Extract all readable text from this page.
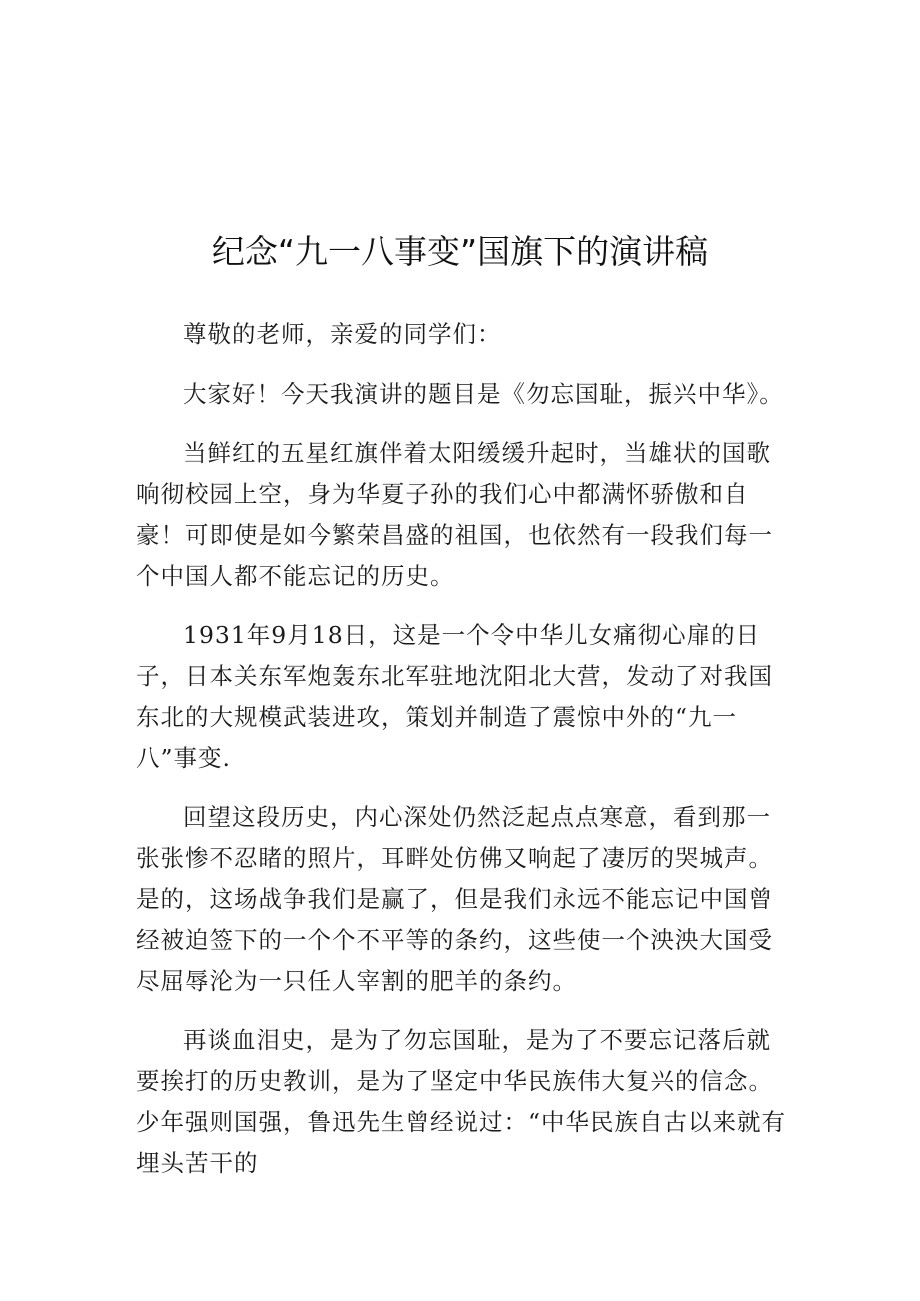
纪念“九一八事变”国旗下的演讲稿

尊敬的老师，亲爱的同学们：

大家好！今天我演讲的题目是《勿忘国耻，振兴中华》。

当鲜红的五星红旗伴着太阳缓缓升起时，当雄状的国歌响彻校园上空，身为华夏子孙的我们心中都满怀骄傲和自豪！可即使是如今繁荣昌盛的祖国，也依然有一段我们每一个中国人都不能忘记的历史。

1931年9月18日，这是一个令中华儿女痛彻心扉的日子，日本关东军炮轰东北军驻地沈阳北大营，发动了对我国东北的大规模武装进攻，策划并制造了震惊中外的“九一八”事变.

回望这段历史，内心深处仍然泛起点点寒意，看到那一张张惨不忍睹的照片，耳畔处仿佛又响起了凄厉的哭城声。是的，这场战争我们是赢了，但是我们永远不能忘记中国曾经被迫签下的一个个不平等的条约，这些使一个泱泱大国受尽屈辱沦为一只任人宰割的肥羊的条约。

再谈血泪史，是为了勿忘国耻，是为了不要忘记落后就要挨打的历史教训，是为了坚定中华民族伟大复兴的信念。少年强则国强，鲁迅先生曾经说过：“中华民族自古以来就有埋头苦干的
